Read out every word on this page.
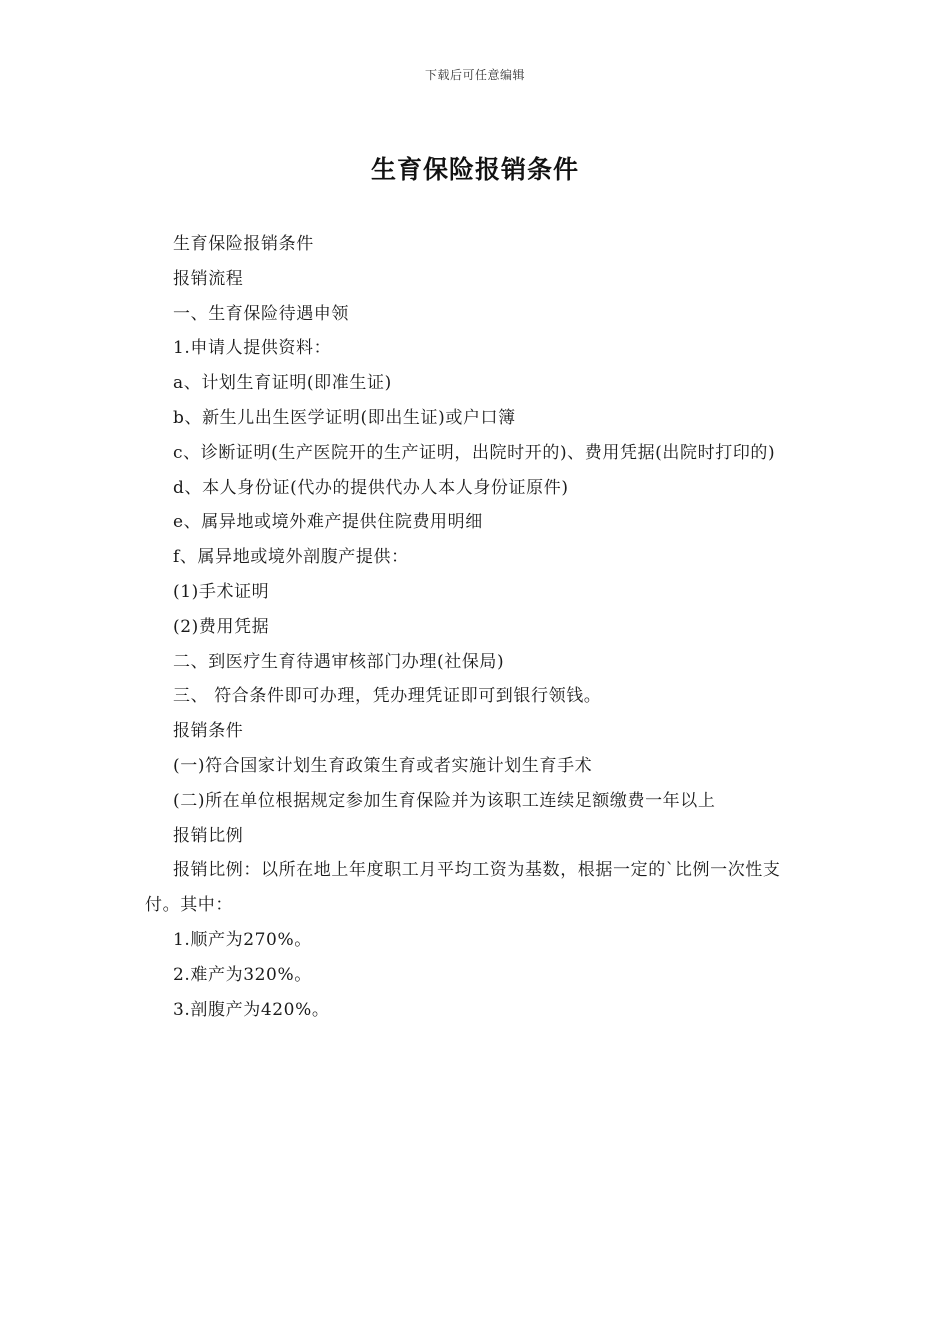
下载后可任意编辑
生育保险报销条件

生育保险报销条件

报销流程

一、生育保险待遇申领

1.申请人提供资料：

a、计划生育证明(即准生证)

b、新生儿出生医学证明(即出生证)或户口簿

c、诊断证明(生产医院开的生产证明，出院时开的)、费用凭据(出院时打印的)

d、本人身份证(代办的提供代办人本人身份证原件)

e、属异地或境外难产提供住院费用明细

f、属异地或境外剖腹产提供：

(1)手术证明

(2)费用凭据

二、到医疗生育待遇审核部门办理(社保局)

三、 符合条件即可办理，凭办理凭证即可到银行领钱。

报销条件

(一)符合国家计划生育政策生育或者实施计划生育手术

(二)所在单位根据规定参加生育保险并为该职工连续足额缴费一年以上

报销比例

报销比例：以所在地上年度职工月平均工资为基数，根据一定的`比例一次性支付。其中：

1.顺产为270%。

2.难产为320%。

3.剖腹产为420%。
